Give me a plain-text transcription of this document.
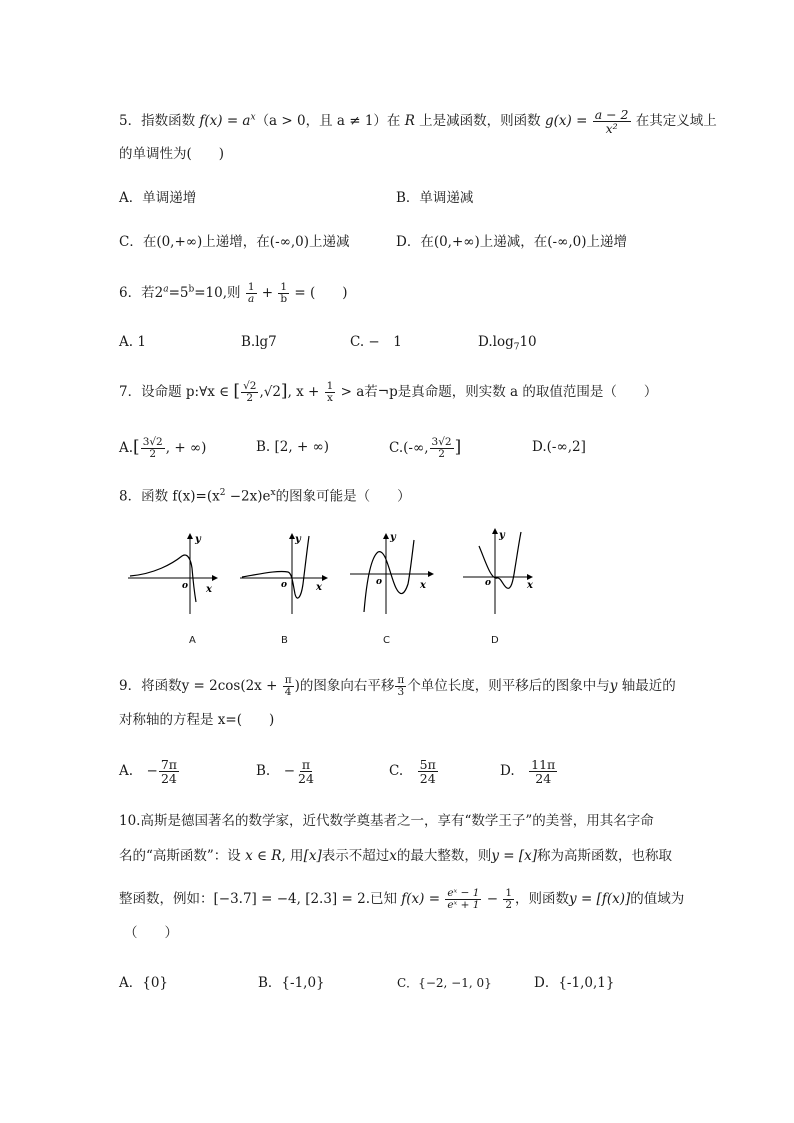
5．指数函数 $f(x) = a^x(a > 0$，且 a ≠ 1）在 R 上是减函数，则函数 $g(x) = \frac{a - 2}{\text{x²}}$ 在其定义域上
的单调性为(　　)
A．单调递增	B．单调递减
C．在(0,+∞)上递增，在(-∞,0)上递减	D．在(0,+∞)上递减，在(-∞,0)上递增
6．若$2^a=5^b=10$,则 $\frac{1}{a} + \frac{1}{b}$ = (　　)
A. 1	B.lg7	C. −　1	$D.\log_710$
7．设命题 p:∀x ∈ [ $\frac{√2}{2} ,√2$], $x + \frac{1}{x} > a$若¬p是真命题，则实数 a 的取值范围是（　　）
$A.[ \frac{3√2}{2}$ , + ∞)	B. [2, + ∞)	C.(-∞, $\frac{3√2}{2}$ ]	D.(-∞,2]
8．函数 $f(x)=(x^2 -2x)e^x$的图象可能是（　　）
y
o x
y
o	x
y
o	x
y
o	x
A	B	C	D
9．将函数$y = 2\cos(2x + \frac{\pi}{4}$ )的图象向右平移 $\frac{\pi}{3}$ 个单位长度，则平移后的图象中与y 轴最近的
对称轴的方程是 x=(　　)
A.　− $\frac{7\pi}{24}$	B.　− $\frac{\pi}{24}$	C.　 $\frac{5\pi}{24}$	D.　 $\frac{11\pi}{24}$
10.高斯是德国著名的数学家，近代数学奠基者之一，享有“数学王子”的美誉，用其名字命
名的“高斯函数”：设 x ∈ R, 用[x]表示不超过x的最大整数，则y = [x]称为高斯函数，也称取
整函数，例如：[−3.7] = −4, [2.3] = 2.已知 $f(x) = \frac{\text{eˣ − 1}}{\text{eˣ + 1}} - \frac{1}{2}$ ，则函数y = [f(x)]的值域为
（　　）
A．{0}	B．{-1,0}	C．{−2, −1, 0}	D．{-1,0,1}
